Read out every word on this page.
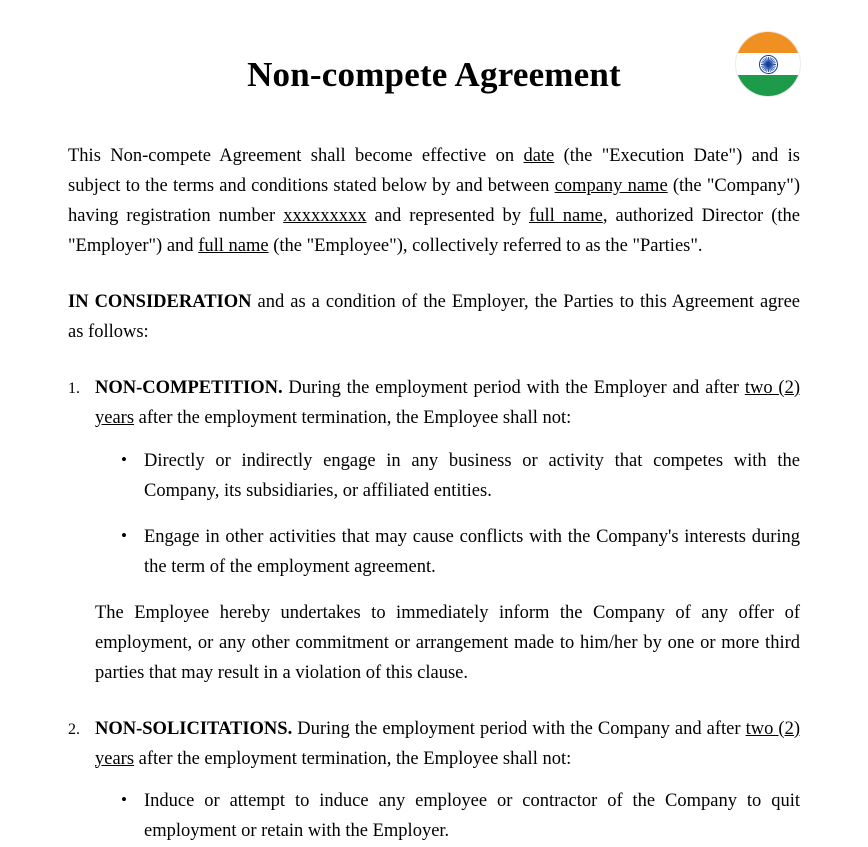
Non-compete Agreement

This Non-compete Agreement shall become effective on date (the "Execution Date") and is subject to the terms and conditions stated below by and between company name (the "Company") having registration number xxxxxxxxx and represented by full name, authorized Director (the "Employer") and full name (the "Employee"), collectively referred to as the "Parties".

IN CONSIDERATION and as a condition of the Employer, the Parties to this Agreement agree as follows:

1. NON-COMPETITION. During the employment period with the Employer and after two (2) years after the employment termination, the Employee shall not:
• Directly or indirectly engage in any business or activity that competes with the Company, its subsidiaries, or affiliated entities.
• Engage in other activities that may cause conflicts with the Company's interests during the term of the employment agreement.

The Employee hereby undertakes to immediately inform the Company of any offer of employment, or any other commitment or arrangement made to him/her by one or more third parties that may result in a violation of this clause.

2. NON-SOLICITATIONS. During the employment period with the Company and after two (2) years after the employment termination, the Employee shall not:
• Induce or attempt to induce any employee or contractor of the Company to quit employment or retain with the Employer.
